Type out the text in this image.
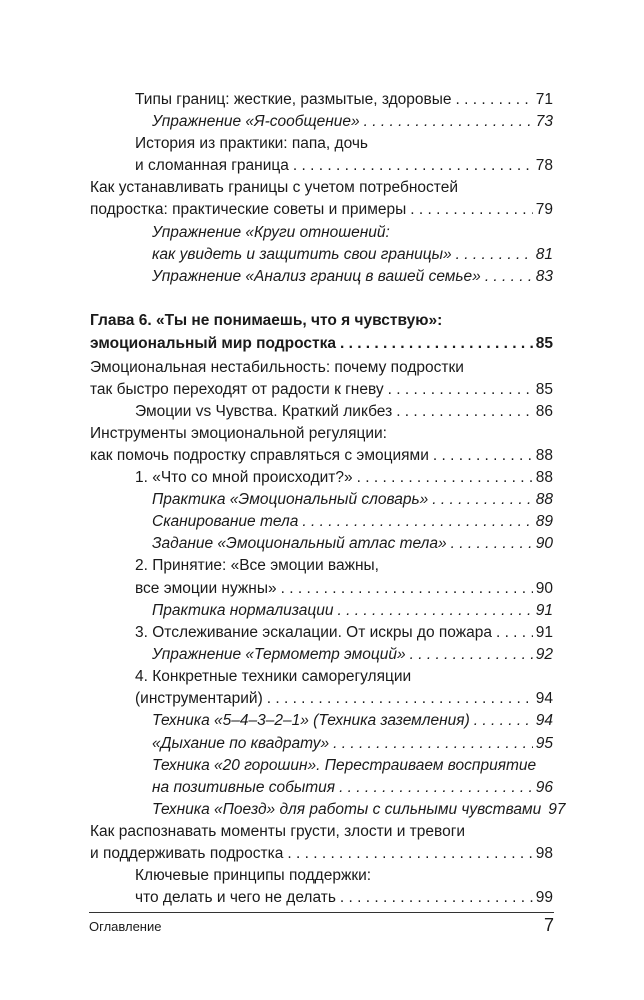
Типы границ: жесткие, размытые, здоровые . . .	71
Упражнение «Я-сообщение» . . .	73
История из практики: папа, дочь
и сломанная граница . . .	78
Как устанавливать границы с учетом потребностей
подростка: практические советы и примеры . . .	79
Упражнение «Круги отношений:
как увидеть и защитить свои границы» . . .	81
Упражнение «Анализ границ в вашей семье» . . .	83
Глава 6. «Ты не понимаешь, что я чувствую»:
эмоциональный мир подростка . . .	85
Эмоциональная нестабильность: почему подростки
так быстро переходят от радости к гневу . . .	85
Эмоции vs Чувства. Краткий ликбез . . .	86
Инструменты эмоциональной регуляции:
как помочь подростку справляться с эмоциями . . .	88
1. «Что со мной происходит?» . . .	88
Практика «Эмоциональный словарь» . . .	88
Сканирование тела . . .	89
Задание «Эмоциональный атлас тела» . . .	90
2. Принятие: «Все эмоции важны,
все эмоции нужны» . . .	90
Практика нормализации . . .	91
3. Отслеживание эскалации. От искры до пожара . . .	91
Упражнение «Термометр эмоций» . . .	92
4. Конкретные техники саморегуляции
(инструментарий) . . .	94
Техника «5–4–3–2–1» (Техника заземления) . . .	94
«Дыхание по квадрату» . . .	95
Техника «20 горошин». Перестраиваем восприятие
на позитивные события . . .	96
Техника «Поезд» для работы с сильными чувствами 97
Как распознавать моменты грусти, злости и тревоги
и поддерживать подростка . . .	98
Ключевые принципы поддержки:
что делать и чего не делать . . .	99
Оглавление	7
